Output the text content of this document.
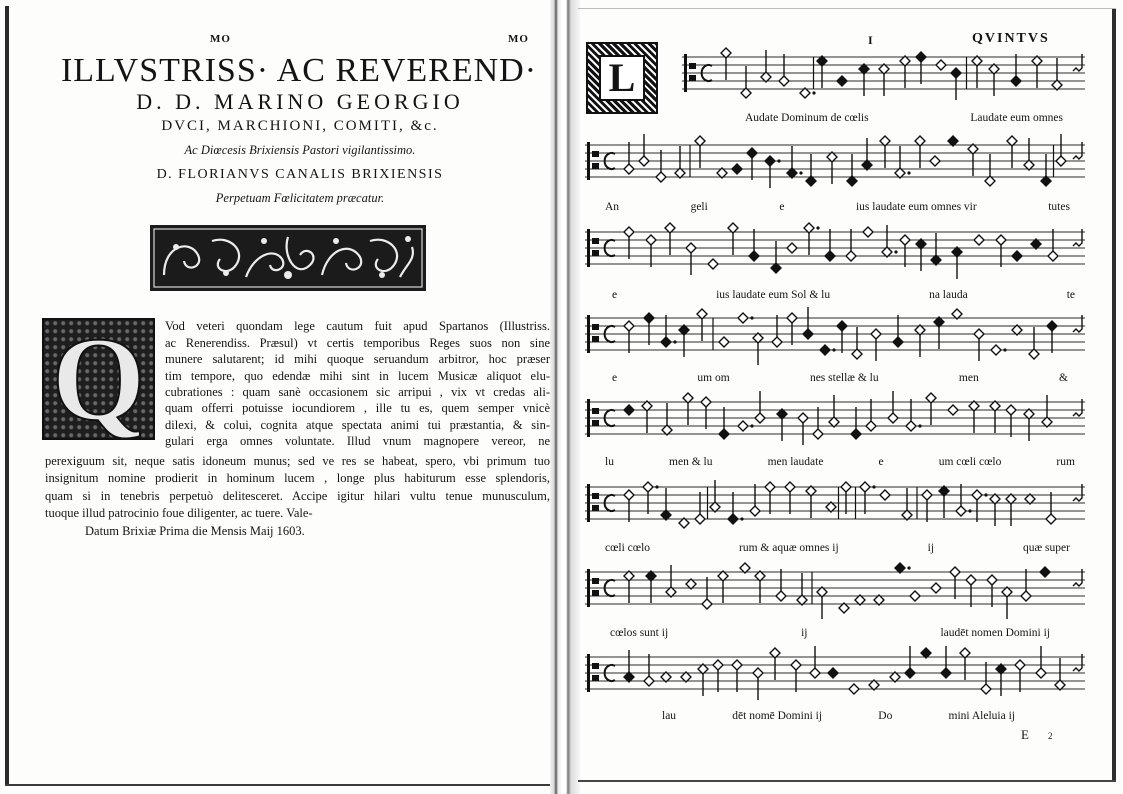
MO	MO
ILLVSTRISS· AC REVEREND·
D. D. MARINO GEORGIO
DVCI, MARCHIONI, COMITI, &c.
Ac Diœcesis Brixiensis Pastori vigilantissimo.
D. FLORIANVS CANALIS BRIXIENSIS
Perpetuam Fœlicitatem præcatur.
Q Vod veteri quondam lege cautum fuit apud Spartanos (Illustriss.
ac Renerendiss. Præsul) vt certis temporibus Reges suos non sine
munere salutarent; id mihi quoque seruandum arbitror, hoc præser
tim tempore, quo edendæ mihi sint in lucem Musicæ aliquot elu-
cubrationes : quam sanè occasionem sic arripui , vix vt credas ali-
quam offerri potuisse iocundiorem , ille tu es, quem semper vnicè
dilexi, & colui, cognita atque spectata animi tui præstantia, & sin-
gulari erga omnes voluntate. Illud vnum magnopere vereor, ne
perexiguum sit, neque satis idoneum munus; sed ve res se habeat, spero, vbi primum tuo
insignitum nomine prodierit in hominum lucem , longe plus habiturum esse splendoris,
quam si in tenebris perpetuò delitesceret. Accipe igitur hilari vultu tenue munusculum,
tuoque illud patrocinio foue diligenter, ac tuere. Vale-
Datum Brixiæ Prima die Mensis Maij 1603.
I	QVINTVS
L
Audate Dominum de cœlis	Laudate eum omnes
An	geli	e	ius laudate eum omnes vir	tutes
e	ius laudate eum Sol & lu	na lauda	te
e	um om	nes stellæ & lu	men	&
lu	men & lu	men laudate	e	um cœli cœlo	rum
cœli cœlo	rum & aquæ omnes ij	ij	quæ super
cœlos sunt ij	ij	laudēt nomen Domini ij
lau	dēt nomē Domini ij	Do	mini Aleluia ij
E 2
